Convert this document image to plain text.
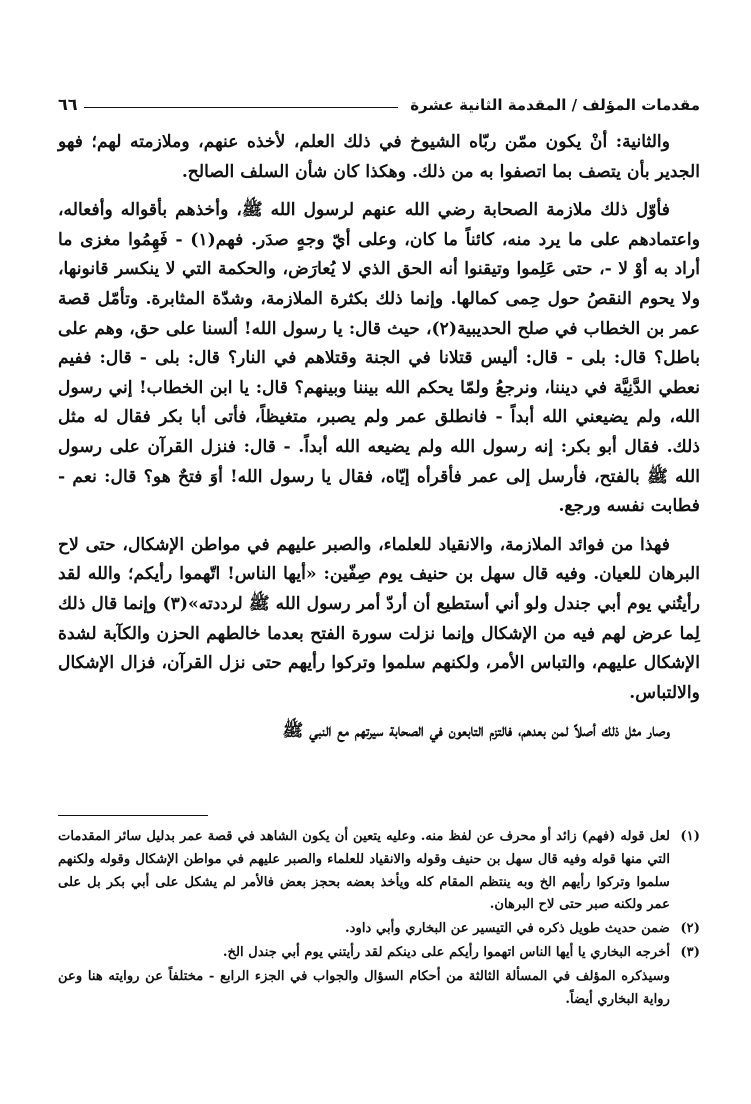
مقدمات المؤلف / المقدمة الثانية عشرة
٦٦

والثانية: أنْ يكون ممّن ربّاه الشيوخ في ذلك العلم، لأخذه عنهم، وملازمته لهم؛ فهو الجدير بأن يتصف بما اتصفوا به من ذلك. وهكذا كان شأن السلف الصالح.

فأوّل ذلك ملازمة الصحابة رضي الله عنهم لرسول الله ﷺ، وأخذهم بأقواله وأفعاله، واعتمادهم على ما يرد منه، كائناً ما كان، وعلى أيّ وجهٍ صدَر. فهم(١) - فَهِمُوا مغزى ما أراد به أوْ لا -، حتى عَلِموا وتيقنوا أنه الحق الذي لا يُعارَض، والحكمة التي لا ينكسر قانونها، ولا يحوم النقصُ حول حِمى كمالها. وإنما ذلك بكثرة الملازمة، وشدّة المثابرة. وتأمّل قصة عمر بن الخطاب في صلح الحديبية(٢)، حيث قال: يا رسول الله! ألسنا على حق، وهم على باطل؟ قال: بلى - قال: أليس قتلانا في الجنة وقتلاهم في النار؟ قال: بلى - قال: ففيم نعطي الدَّنِيَّة في ديننا، ونرجعُ ولمّا يحكم الله بيننا وبينهم؟ قال: يا ابن الخطاب! إني رسول الله، ولم يضيعني الله أبداً - فانطلق عمر ولم يصبر، متغيظاً، فأتى أبا بكر فقال له مثل ذلك. فقال أبو بكر: إنه رسول الله ولم يضيعه الله أبداً. - قال: فنزل القرآن على رسول الله ﷺ بالفتح، فأرسل إلى عمر فأقرأه إيّاه، فقال يا رسول الله! أوَ فتحٌ هو؟ قال: نعم - فطابت نفسه ورجع.

فهذا من فوائد الملازمة، والانقياد للعلماء، والصبر عليهم في مواطن الإشكال، حتى لاح البرهان للعيان. وفيه قال سهل بن حنيف يوم صِفّين: «أيها الناس! اتّهموا رأيكم؛ والله لقد رأيتُني يوم أبي جندل ولو أني أستطيع أن أردّ أمر رسول الله ﷺ لرددته»(٣) وإنما قال ذلك لِما عرض لهم فيه من الإشكال وإنما نزلت سورة الفتح بعدما خالطهم الحزن والكآبة لشدة الإشكال عليهم، والتباس الأمر، ولكنهم سلموا وتركوا رأيهم حتى نزل القرآن، فزال الإشكال والالتباس.

وصار مثل ذلك أصلاً لمن بعدهم، فالتزم التابعون في الصحابة سيرتهم مع النبي ﷺ

(١)
لعل قوله (فهم) زائد أو محرف عن لفظ منه. وعليه يتعين أن يكون الشاهد في قصة عمر بدليل سائر المقدمات التي منها قوله وفيه قال سهل بن حنيف وقوله والانقياد للعلماء والصبر عليهم في مواطن الإشكال وقوله ولكنهم سلموا وتركوا رأيهم الخ وبه ينتظم المقام كله ويأخذ بعضه بحجز بعض فالأمر لم يشكل على أبي بكر بل على عمر ولكنه صبر حتى لاح البرهان.
(٢)
ضمن حديث طويل ذكره في التيسير عن البخاري وأبي داود.
(٣)
أخرجه البخاري يا أيها الناس اتهموا رأيكم على دينكم لقد رأيتني يوم أبي جندل الخ.
وسيذكره المؤلف في المسألة الثالثة من أحكام السؤال والجواب في الجزء الرابع - مختلفاً عن روايته هنا وعن رواية البخاري أيضاً.
